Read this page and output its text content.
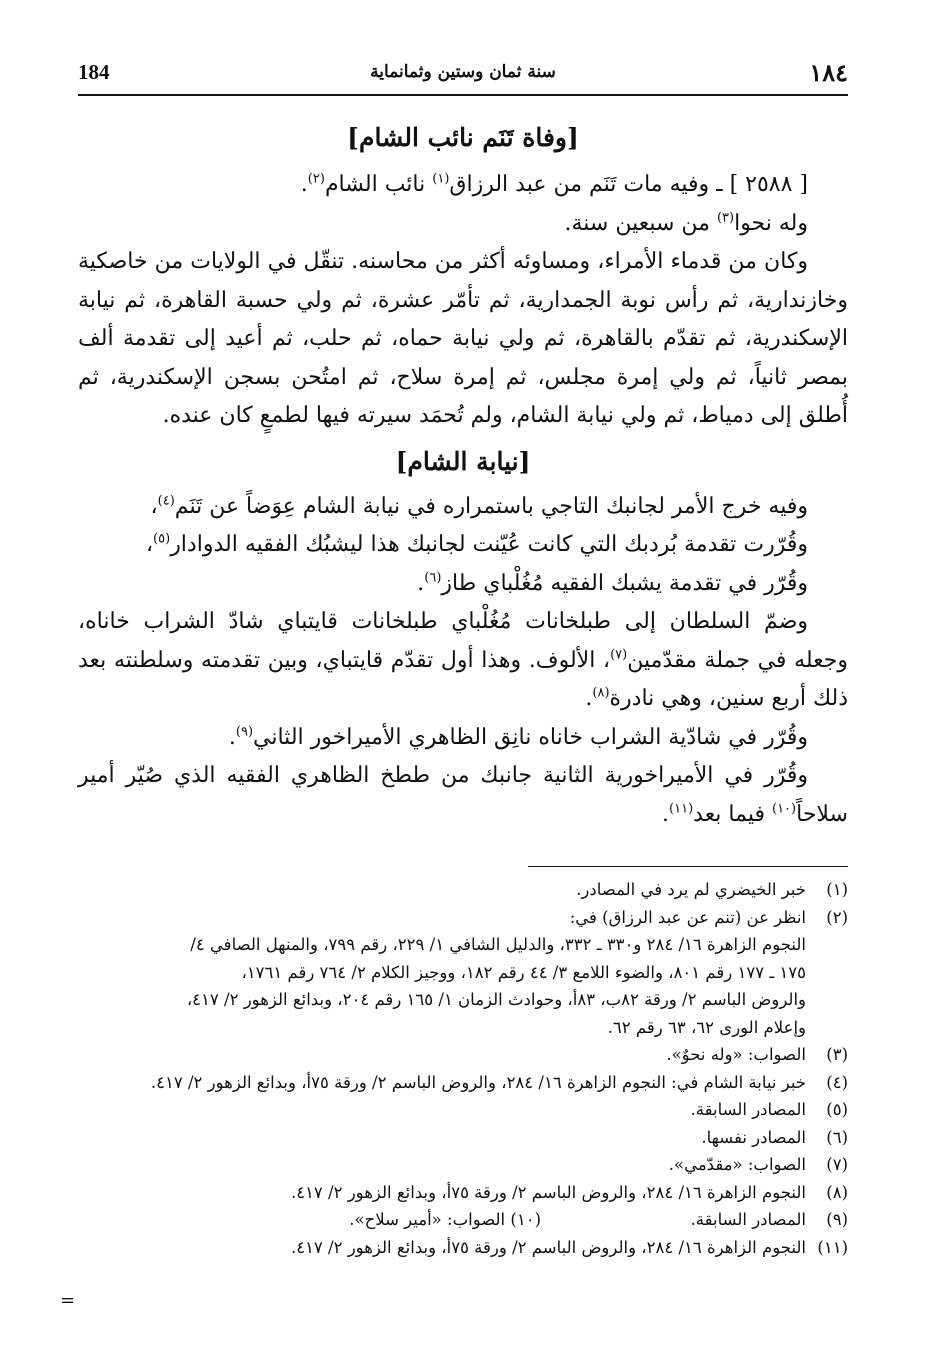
184	سنة ثمان وستين وثمانماية	١٨٤
[وفاة تَنَم نائب الشام]

[ ٢٥٨٨ ] ـ وفيه مات تَنَم من عبد الرزاق$^{(١)}$ نائب الشام$^{(٢)}$.

وله نحوا$^{(٣)}$ من سبعين سنة.

وكان من قدماء الأمراء، ومساوئه أكثر من محاسنه. تنقّل في الولايات من خاصكية وخازندارية، ثم رأس نوبة الجمدارية، ثم تأمّر عشرة، ثم ولي حسبة القاهرة، ثم نيابة الإسكندرية، ثم تقدّم بالقاهرة، ثم ولي نيابة حماه، ثم حلب، ثم أعيد إلى تقدمة ألف بمصر ثانياً، ثم ولي إمرة مجلس، ثم إمرة سلاح، ثم امتُحن بسجن الإسكندرية، ثم أُطلق إلى دمياط، ثم ولي نيابة الشام، ولم تُحمَد سيرته فيها لطمعٍ كان عنده.

[نيابة الشام]

وفيه خرج الأمر لجانبك التاجي باستمراره في نيابة الشام عِوَضاً عن تَنَم$^{(٤)}$،

وقُرّرت تقدمة بُردبك التي كانت عُيّنت لجانبك هذا ليشبُك الفقيه الدوادار$^{(٥)}$،

وقُرّر في تقدمة يشبك الفقيه مُغُلْباي طاز$^{(٦)}$.

وضمّ السلطان إلى طبلخانات مُغُلْباي طبلخانات قايتباي شادّ الشراب خاناه، وجعله في جملة مقدّمين$^{(٧)}$، الألوف. وهذا أول تقدّم قايتباي، وبين تقدمته وسلطنته بعد ذلك أربع سنين، وهي نادرة$^{(٨)}$.

وقُرّر في شادّية الشراب خاناه نانِق الظاهري الأميراخور الثاني$^{(٩)}$.

وقُرّر في الأميراخورية الثانية جانبك من ططخ الظاهري الفقيه الذي صُيّر أمير سلاحاً$^{(١٠)}$ فيما بعد$^{(١١)}$.

(١)
خبر الخيضري لم يرد في المصادر.
(٢)
انظر عن (تنم عن عبد الرزاق) في:
النجوم الزاهرة ١٦/ ٢٨٤ و٣٣٠ ـ ٣٣٢، والدليل الشافي ١/ ٢٢٩، رقم ٧٩٩، والمنهل الصافي ٤/
١٧٥ ـ ١٧٧ رقم ٨٠١، والضوء اللامع ٣/ ٤٤ رقم ١٨٢، ووجيز الكلام ٢/ ٧٦٤ رقم ١٧٦١،
والروض الباسم ٢/ ورقة ٨٢ب، ٨٣أ، وحوادث الزمان ١/ ١٦٥ رقم ٢٠٤، وبدائع الزهور ٢/ ٤١٧،
وإعلام الورى ٦٢، ٦٣ رقم ٦٢.
(٣)
الصواب: «وله نحوٌ».
(٤)
خبر نيابة الشام في: النجوم الزاهرة ١٦/ ٢٨٤، والروض الباسم ٢/ ورقة ٧٥أ، وبدائع الزهور ٢/ ٤١٧.
(٥)
المصادر السابقة.
(٦)
المصادر نفسها.
(٧)
الصواب: «مقدّمي».
(٨)
النجوم الزاهرة ١٦/ ٢٨٤، والروض الباسم ٢/ ورقة ٧٥أ، وبدائع الزهور ٢/ ٤١٧.
(٩)
المصادر السابقة.
(١٠) الصواب: «أمير سلاح».
(١١)
النجوم الزاهرة ١٦/ ٢٨٤، والروض الباسم ٢/ ورقة ٧٥أ، وبدائع الزهور ٢/ ٤١٧.
=
